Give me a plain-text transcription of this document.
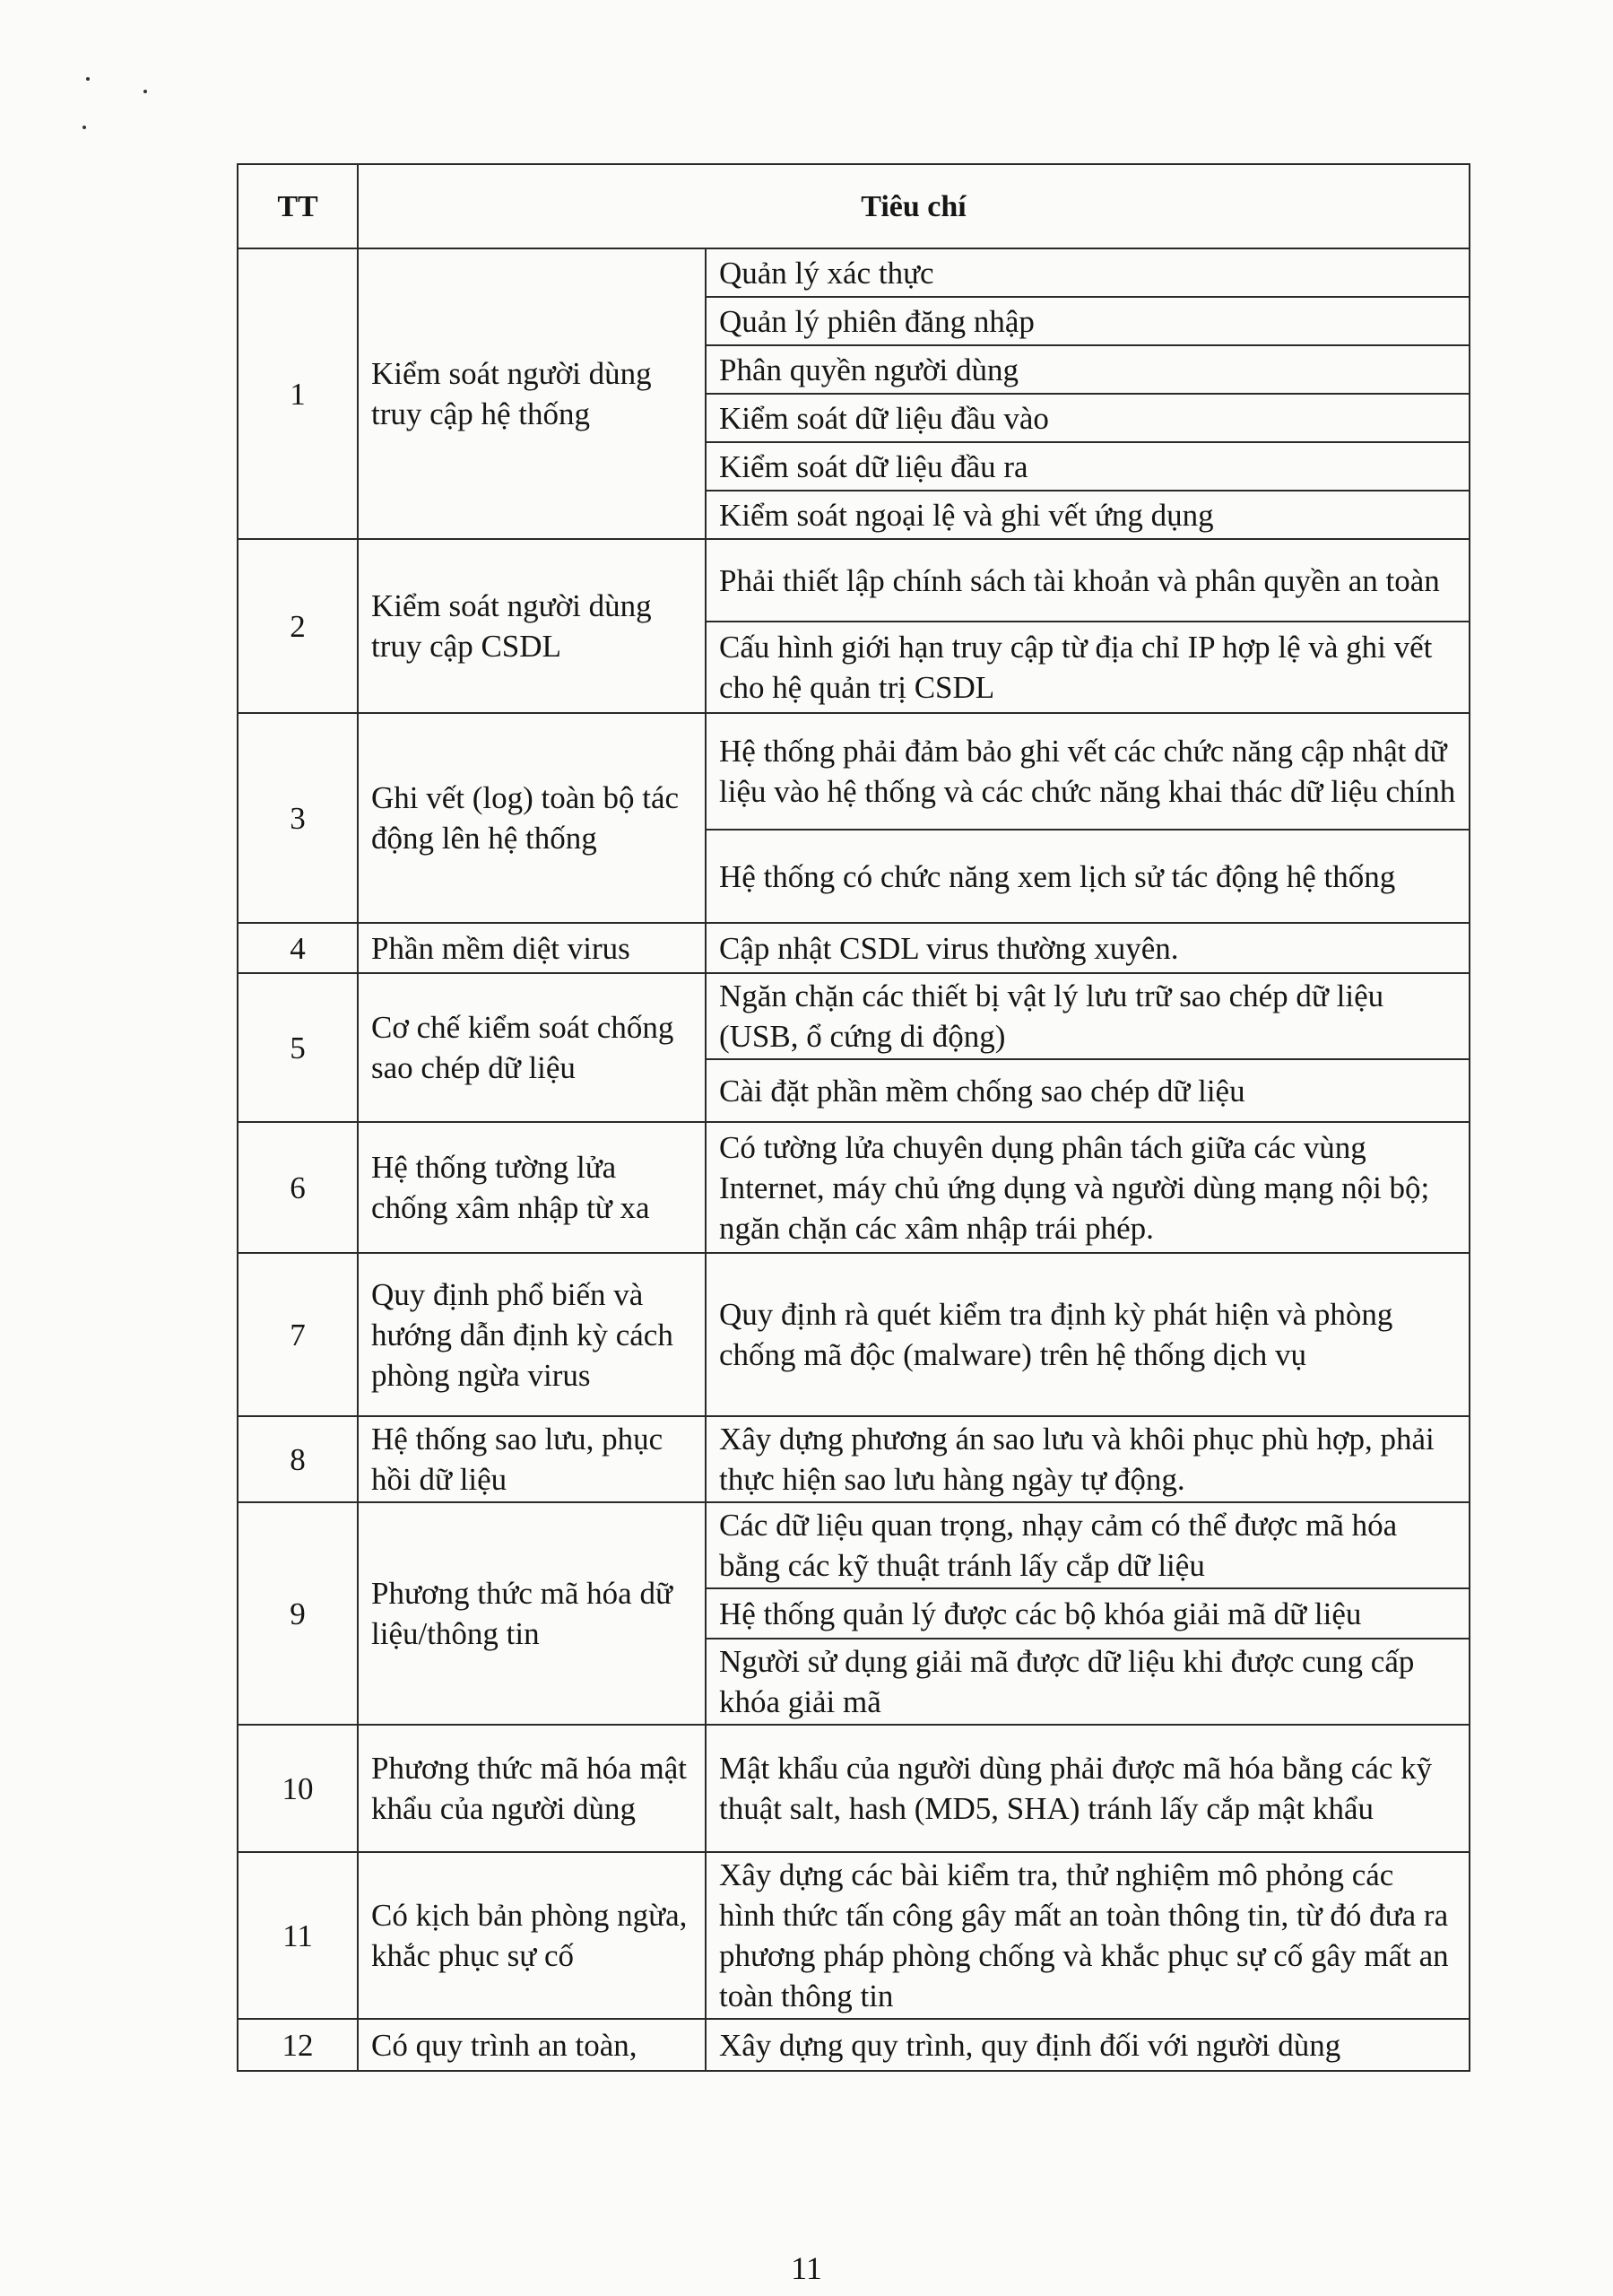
TT	Tiêu chí	
1	Kiểm soát người dùng truy cập hệ thống	Quản lý xác thực
		Quản lý phiên đăng nhập
		Phân quyền người dùng
		Kiểm soát dữ liệu đầu vào
		Kiểm soát dữ liệu đầu ra
		Kiểm soát ngoại lệ và ghi vết ứng dụng
2	Kiểm soát người dùng truy cập CSDL	Phải thiết lập chính sách tài khoản và phân quyền an toàn
		Cấu hình giới hạn truy cập từ địa chỉ IP hợp lệ và ghi vết cho hệ quản trị CSDL
3	Ghi vết (log) toàn bộ tác động lên hệ thống	Hệ thống phải đảm bảo ghi vết các chức năng cập nhật dữ liệu vào hệ thống và các chức năng khai thác dữ liệu chính
		Hệ thống có chức năng xem lịch sử tác động hệ thống
4	Phần mềm diệt virus	Cập nhật CSDL virus thường xuyên.
5	Cơ chế kiểm soát chống sao chép dữ liệu	Ngăn chặn các thiết bị vật lý lưu trữ sao chép dữ liệu (USB, ổ cứng di động)
		Cài đặt phần mềm chống sao chép dữ liệu
6	Hệ thống tường lửa chống xâm nhập từ xa	Có tường lửa chuyên dụng phân tách giữa các vùng Internet, máy chủ ứng dụng và người dùng mạng nội bộ; ngăn chặn các xâm nhập trái phép.
7	Quy định phổ biến và hướng dẫn định kỳ cách phòng ngừa virus	Quy định rà quét kiểm tra định kỳ phát hiện và phòng chống mã độc (malware) trên hệ thống dịch vụ
8	Hệ thống sao lưu, phục hồi dữ liệu	Xây dựng phương án sao lưu và khôi phục phù hợp, phải thực hiện sao lưu hàng ngày tự động.
9	Phương thức mã hóa dữ liệu/thông tin	Các dữ liệu quan trọng, nhạy cảm có thể được mã hóa bằng các kỹ thuật tránh lấy cắp dữ liệu
		Hệ thống quản lý được các bộ khóa giải mã dữ liệu
		Người sử dụng giải mã được dữ liệu khi được cung cấp khóa giải mã
10	Phương thức mã hóa mật khẩu của người dùng	Mật khẩu của người dùng phải được mã hóa bằng các kỹ thuật salt, hash (MD5, SHA) tránh lấy cắp mật khẩu
11	Có kịch bản phòng ngừa, khắc phục sự cố	Xây dựng các bài kiểm tra, thử nghiệm mô phỏng các hình thức tấn công gây mất an toàn thông tin, từ đó đưa ra phương pháp phòng chống và khắc phục sự cố gây mất an toàn thông tin
12	Có quy trình an toàn,	Xây dựng quy trình, quy định đối với người dùng
11
